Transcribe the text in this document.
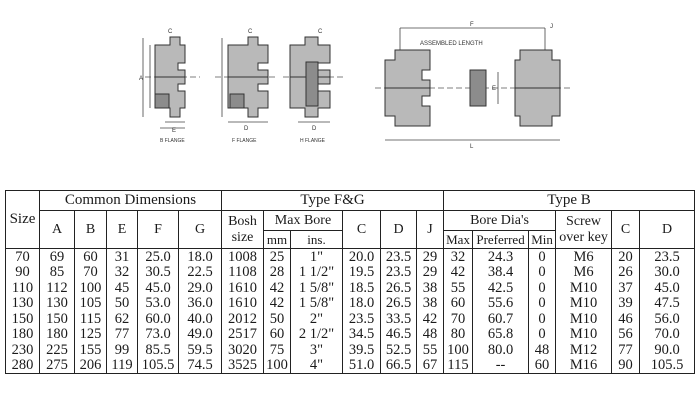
C
A
E
B FLANGE
C
D
F FLANGE
C
D
H FLANGE
F	J
ASSEMBLED LENGTH
E
L
Size	Common Dimensions					Type F&G						Type B					
	A	B	E	F	G	Bosh size	Max Bore		C	D	J	Bore Dia's			Screw over key	C	D
							mm	ins.				Max	Preferred	Min			
70	69	60	31	25.0	18.0	1008	25	1"	20.0	23.5	29	32	24.3	0	M6	20	23.5
90	85	70	32	30.5	22.5	1108	28	1 1/2"	19.5	23.5	29	42	38.4	0	M6	26	30.0
110	112	100	45	45.0	29.0	1610	42	1 5/8"	18.5	26.5	38	55	42.5	0	M10	37	45.0
130	130	105	50	53.0	36.0	1610	42	1 5/8"	18.0	26.5	38	60	55.6	0	M10	39	47.5
150	150	115	62	60.0	40.0	2012	50	2"	23.5	33.5	42	70	60.7	0	M10	46	56.0
180	180	125	77	73.0	49.0	2517	60	2 1/2"	34.5	46.5	48	80	65.8	0	M10	56	70.0
230	225	155	99	85.5	59.5	3020	75	3"	39.5	52.5	55	100	80.0	48	M12	77	90.0
280	275	206	119	105.5	74.5	3525	100	4"	51.0	66.5	67	115	--	60	M16	90	105.5
